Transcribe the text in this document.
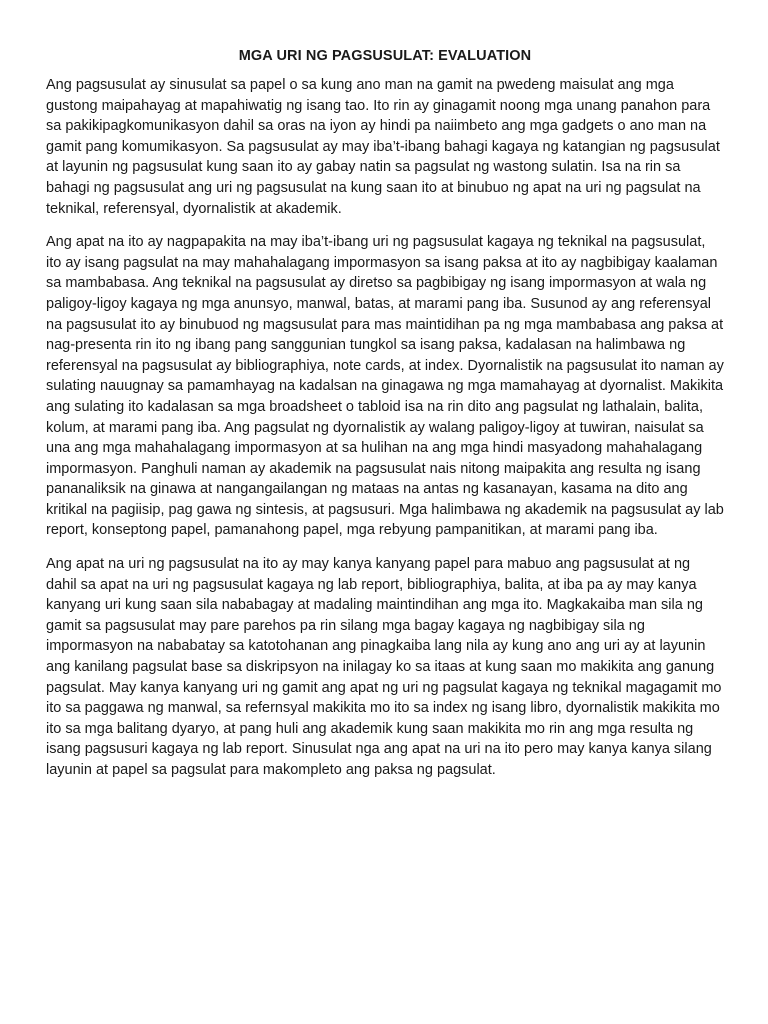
MGA URI NG PAGSUSULAT: EVALUATION

Ang pagsusulat ay sinusulat sa papel o sa kung ano man na gamit na pwedeng maisulat ang mga gustong maipahayag at mapahiwatig ng isang tao. Ito rin ay ginagamit noong mga unang panahon para sa pakikipagkomunikasyon dahil sa oras na iyon ay hindi pa naiimbeto ang mga gadgets o ano man na gamit pang komumikasyon. Sa pagsusulat ay may iba’t-ibang bahagi kagaya ng katangian ng pagsusulat at layunin ng pagsusulat kung saan ito ay gabay natin sa pagsulat ng wastong sulatin. Isa na rin sa bahagi ng pagsusulat ang uri ng pagsusulat na kung saan ito at binubuo ng apat na uri ng pagsulat na teknikal, referensyal, dyornalistik at akademik.

Ang apat na ito ay nagpapakita na may iba’t-ibang uri ng pagsusulat kagaya ng teknikal na pagsusulat, ito ay isang pagsulat na may mahahalagang impormasyon sa isang paksa at ito ay nagbibigay kaalaman sa mambabasa. Ang teknikal na pagsusulat ay diretso sa pagbibigay ng isang impormasyon at wala ng paligoy-ligoy kagaya ng mga anunsyo, manwal, batas, at marami pang iba. Susunod ay ang referensyal na pagsusulat ito ay binubuod ng magsusulat para mas maintidihan pa ng mga mambabasa ang paksa at nag-presenta rin ito ng ibang pang sanggunian tungkol sa isang paksa, kadalasan na halimbawa ng referensyal na pagsusulat ay bibliographiya, note cards, at index. Dyornalistik na pagsusulat ito naman ay sulating nauugnay sa pamamhayag na kadalsan na ginagawa ng mga mamahayag at dyornalist. Makikita ang sulating ito kadalasan sa mga broadsheet o tabloid isa na rin dito ang pagsulat ng lathalain, balita, kolum, at marami pang iba. Ang pagsulat ng dyornalistik ay walang paligoy-ligoy at tuwiran, naisulat sa una ang mga mahahalagang impormasyon at sa hulihan na ang mga hindi masyadong mahahalagang impormasyon. Panghuli naman ay akademik na pagsusulat nais nitong maipakita ang resulta ng isang pananaliksik na ginawa at nangangailangan ng mataas na antas ng kasanayan, kasama na dito ang kritikal na pagiisip, pag gawa ng sintesis, at pagsusuri. Mga halimbawa ng akademik na pagsusulat ay lab report, konseptong papel, pamanahong papel, mga rebyung pampanitikan, at marami pang iba.

Ang apat na uri ng pagsusulat na ito ay may kanya kanyang papel para mabuo ang pagsusulat at ng dahil sa apat na uri ng pagsusulat kagaya ng lab report, bibliographiya, balita, at iba pa ay may kanya kanyang uri kung saan sila nababagay at madaling maintindihan ang mga ito. Magkakaiba man sila ng gamit sa pagsusulat may pare parehos pa rin silang mga bagay kagaya ng nagbibigay sila ng impormasyon na nababatay sa katotohanan ang pinagkaiba lang nila ay kung ano ang uri ay at layunin ang kanilang pagsulat base sa diskripsyon na inilagay ko sa itaas at kung saan mo makikita ang ganung pagsulat. May kanya kanyang uri ng gamit ang apat ng uri ng pagsulat kagaya ng teknikal magagamit mo ito sa paggawa ng manwal, sa refernsyal makikita mo ito sa index ng isang libro, dyornalistik makikita mo ito sa mga balitang dyaryo, at pang huli ang akademik kung saan makikita mo rin ang mga resulta ng isang pagsusuri kagaya ng lab report. Sinusulat nga ang apat na uri na ito pero may kanya kanya silang layunin at papel sa pagsulat para makompleto ang paksa ng pagsulat.
